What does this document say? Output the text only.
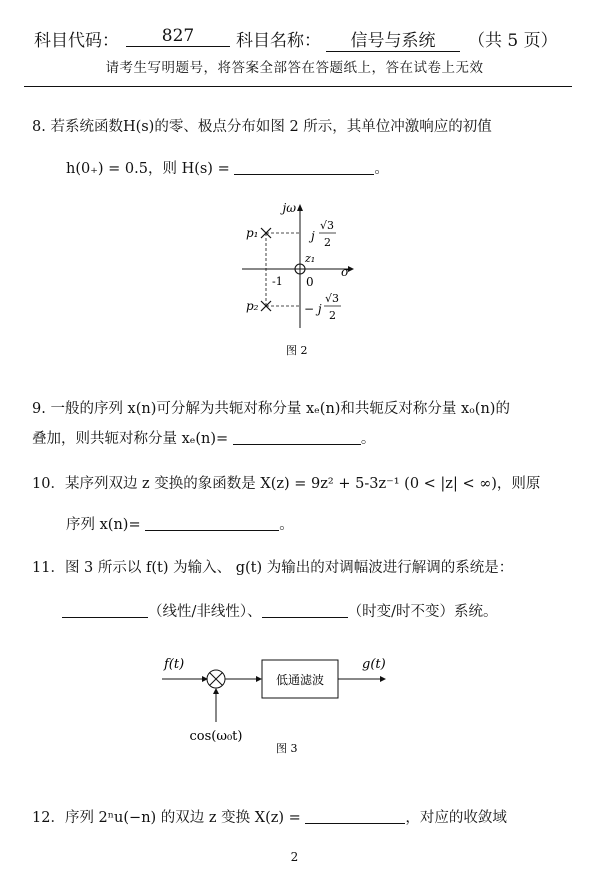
科目代码：	827	科目名称：	信号与系统	（共 5 页）
请考生写明题号，将答案全部答在答题纸上，答在试卷上无效
8. 若系统函数H(s)的零、极点分布如图 2 所示，其单位冲激响应的初值
h(0₊) = 0.5，则 H(s) =	。
jω
σ
p₁
p₂
z₁
0
-1
j
√3
2
− j
√3
2
图 2
9. 一般的序列 x(n)可分解为共轭对称分量 xₑ(n)和共轭反对称分量 xₒ(n)的
叠加，则共轭对称分量 xₑ(n)=	。
10．某序列双边 z 变换的象函数是 X(z) = 9z² + 5-3z⁻¹ (0 < |z| < ∞)，则原
序列 x(n)=	。
11．图 3 所示以 f(t) 为输入、 g(t) 为输出的对调幅波进行解调的系统是：
（线性/非线性）、	（时变/时不变）系统。
f(t)
低通滤波
g(t)
cos(ω₀t)
图 3
12．序列 2ⁿu(−n) 的双边 z 变换 X(z) =	，对应的收敛域
2
